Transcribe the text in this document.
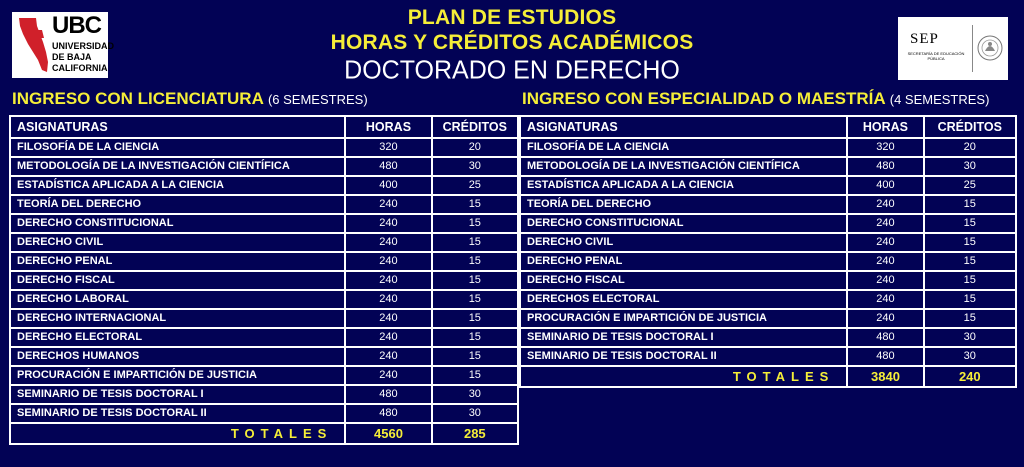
UBC
UNIVERSIDAD
DE BAJA
CALIFORNIA
PLAN DE ESTUDIOS
HORAS Y CRÉDITOS ACADÉMICOS
DOCTORADO EN DERECHO
SEP
SECRETARÍA DE EDUCACIÓN PÚBLICA
INGRESO CON LICENCIATURA (6 SEMESTRES)	INGRESO CON ESPECIALIDAD O MAESTRÍA (4 SEMESTRES)
ASIGNATURAS	HORAS	CRÉDITOS
FILOSOFÍA DE LA CIENCIA	320	20
METODOLOGÍA DE LA INVESTIGACIÓN CIENTÍFICA	480	30
ESTADÍSTICA APLICADA A LA CIENCIA	400	25
TEORÍA DEL DERECHO	240	15
DERECHO CONSTITUCIONAL	240	15
DERECHO CIVIL	240	15
DERECHO PENAL	240	15
DERECHO FISCAL	240	15
DERECHO LABORAL	240	15
DERECHO INTERNACIONAL	240	15
DERECHO ELECTORAL	240	15
DERECHOS HUMANOS	240	15
PROCURACIÓN E IMPARTICIÓN DE JUSTICIA	240	15
SEMINARIO DE TESIS DOCTORAL I	480	30
SEMINARIO DE TESIS DOCTORAL II	480	30
TOTALES	4560	285
ASIGNATURAS	HORAS	CRÉDITOS
FILOSOFÍA DE LA CIENCIA	320	20
METODOLOGÍA DE LA INVESTIGACIÓN CIENTÍFICA	480	30
ESTADÍSTICA APLICADA A LA CIENCIA	400	25
TEORÍA DEL DERECHO	240	15
DERECHO CONSTITUCIONAL	240	15
DERECHO CIVIL	240	15
DERECHO PENAL	240	15
DERECHO FISCAL	240	15
DERECHOS ELECTORAL	240	15
PROCURACIÓN E IMPARTICIÓN DE JUSTICIA	240	15
SEMINARIO DE TESIS DOCTORAL I	480	30
SEMINARIO DE TESIS DOCTORAL II	480	30
TOTALES	3840	240
